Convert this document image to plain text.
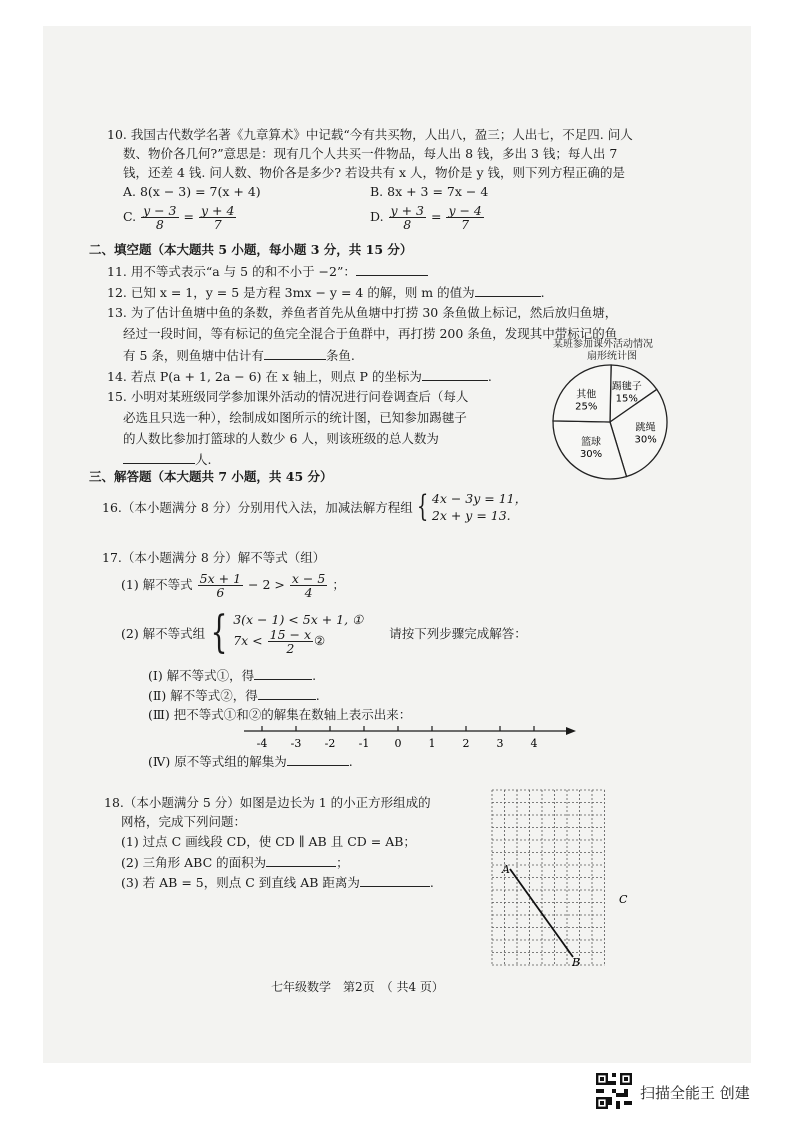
10. 我国古代数学名著《九章算术》中记载“今有共买物，人出八，盈三；人出七，不足四. 问人
数、物价各几何?”意思是：现有几个人共买一件物品，每人出 8 钱，多出 3 钱；每人出 7
钱，还差 4 钱. 问人数、物价各是多少? 若设共有 x 人，物价是 y 钱，则下列方程正确的是
A. 8(x − 3) = 7(x + 4)	B. 8x + 3 = 7x − 4
C. $\frac{y - 3}{8} = \frac{y + 4}{7}$	D. $\frac{y + 3}{8} = \frac{y - 4}{7}$
二、填空题（本大题共 5 小题，每小题 3 分，共 15 分）
11. 用不等式表示“a 与 5 的和不小于 −2”：
12. 已知 x = 1，y = 5 是方程 3mx − y = 4 的解，则 m 的值为	.
13. 为了估计鱼塘中鱼的条数，养鱼者首先从鱼塘中打捞 30 条鱼做上标记，然后放归鱼塘，
经过一段时间，等有标记的鱼完全混合于鱼群中，再打捞 200 条鱼，发现其中带标记的鱼
有 5 条，则鱼塘中估计有	条鱼.
14. 若点 P(a + 1, 2a − 6) 在 x 轴上，则点 P 的坐标为	.
15. 小明对某班级同学参加课外活动的情况进行问卷调查后（每人
必选且只选一种），绘制成如图所示的统计图，已知参加踢毽子
的人数比参加打篮球的人数少 6 人，则该班级的总人数为
人.
某班参加课外活动情况
扇形统计图
踢毽子
15%
跳绳
30%
篮球
30%
其他
25%
三、解答题（本大题共 7 小题，共 45 分）
16.（本小题满分 8 分）分别用代入法，加减法解方程组 { 4x − 3y = 11，
2x + y = 13.
17.（本小题满分 8 分）解不等式（组）
(1) 解不等式 $\frac{5x + 1}{6} - 2 > \frac{x - 5}{4}$ ；
(2) 解不等式组 { 3(x − 1) < 5x + 1, ①
$7x < \frac{15 - x}{2}$ ②	请按下列步骤完成解答：
(Ⅰ) 解不等式①，得	.
(Ⅱ) 解不等式②，得	.
(Ⅲ) 把不等式①和②的解集在数轴上表示出来：
-4 -3 -2 -1 0 1 2 3 4
(Ⅳ) 原不等式组的解集为	.
18.（本小题满分 5 分）如图是边长为 1 的小正方形组成的
网格，完成下列问题：
(1) 过点 C 画线段 CD，使 CD ∥ AB 且 CD = AB；
(2) 三角形 ABC 的面积为	；
(3) 若 AB = 5，则点 C 到直线 AB 距离为	.
A
B
C
七年级数学　第2页　（ 共4 页）
扫描全能王 创建
